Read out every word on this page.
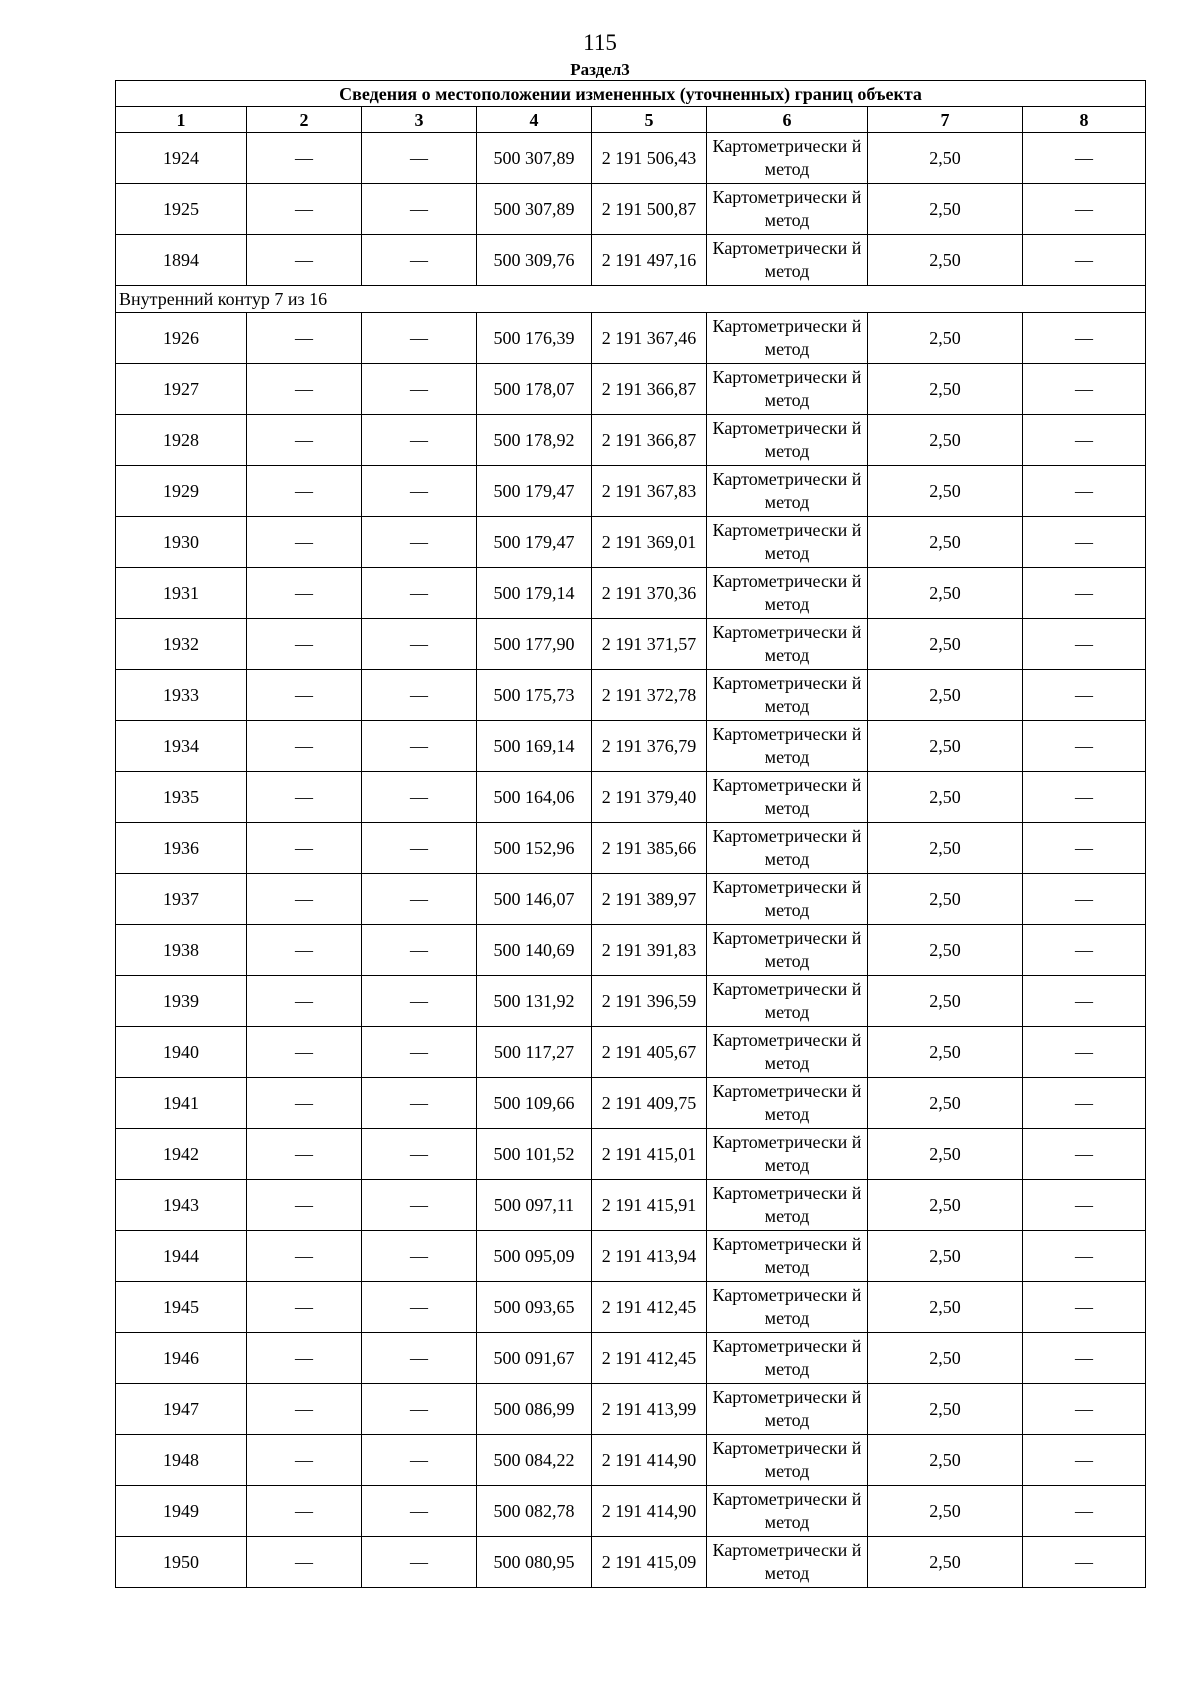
115
Раздел3
Сведения о местоположении измененных (уточненных) границ объекта							
1	2	3	4	5	6	7	8
1924	—	—	500 307,89	2 191 506,43	Картометрически й метод	2,50	—
1925	—	—	500 307,89	2 191 500,87	Картометрически й метод	2,50	—
1894	—	—	500 309,76	2 191 497,16	Картометрически й метод	2,50	—
Внутренний контур 7 из 16							
1926	—	—	500 176,39	2 191 367,46	Картометрически й метод	2,50	—
1927	—	—	500 178,07	2 191 366,87	Картометрически й метод	2,50	—
1928	—	—	500 178,92	2 191 366,87	Картометрически й метод	2,50	—
1929	—	—	500 179,47	2 191 367,83	Картометрически й метод	2,50	—
1930	—	—	500 179,47	2 191 369,01	Картометрически й метод	2,50	—
1931	—	—	500 179,14	2 191 370,36	Картометрически й метод	2,50	—
1932	—	—	500 177,90	2 191 371,57	Картометрически й метод	2,50	—
1933	—	—	500 175,73	2 191 372,78	Картометрически й метод	2,50	—
1934	—	—	500 169,14	2 191 376,79	Картометрически й метод	2,50	—
1935	—	—	500 164,06	2 191 379,40	Картометрически й метод	2,50	—
1936	—	—	500 152,96	2 191 385,66	Картометрически й метод	2,50	—
1937	—	—	500 146,07	2 191 389,97	Картометрически й метод	2,50	—
1938	—	—	500 140,69	2 191 391,83	Картометрически й метод	2,50	—
1939	—	—	500 131,92	2 191 396,59	Картометрически й метод	2,50	—
1940	—	—	500 117,27	2 191 405,67	Картометрически й метод	2,50	—
1941	—	—	500 109,66	2 191 409,75	Картометрически й метод	2,50	—
1942	—	—	500 101,52	2 191 415,01	Картометрически й метод	2,50	—
1943	—	—	500 097,11	2 191 415,91	Картометрически й метод	2,50	—
1944	—	—	500 095,09	2 191 413,94	Картометрически й метод	2,50	—
1945	—	—	500 093,65	2 191 412,45	Картометрически й метод	2,50	—
1946	—	—	500 091,67	2 191 412,45	Картометрически й метод	2,50	—
1947	—	—	500 086,99	2 191 413,99	Картометрически й метод	2,50	—
1948	—	—	500 084,22	2 191 414,90	Картометрически й метод	2,50	—
1949	—	—	500 082,78	2 191 414,90	Картометрически й метод	2,50	—
1950	—	—	500 080,95	2 191 415,09	Картометрически й метод	2,50	—
